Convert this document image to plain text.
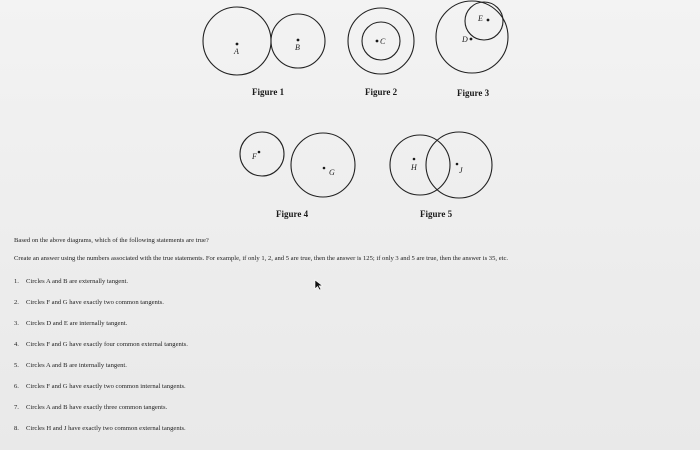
A	B
Figure 1
C
Figure 2
D
E
Figure 3
F
G
Figure 4
H	J
Figure 5
Based on the above diagrams, which of the following statements are true?
Create an answer using the numbers associated with the true statements. For example, if only 1, 2, and 5 are true, then the answer is 125; if only 3 and 5 are true, then the answer is 35, etc.
1. Circles A and B are externally tangent.
2. Circles F and G have exactly two common tangents.
3. Circles D and E are internally tangent.
4. Circles F and G have exactly four common external tangents.
5. Circles A and B are internally tangent.
6. Circles F and G have exactly two common internal tangents.
7. Circles A and B have exactly three common tangents.
8. Circles H and J have exactly two common external tangents.
